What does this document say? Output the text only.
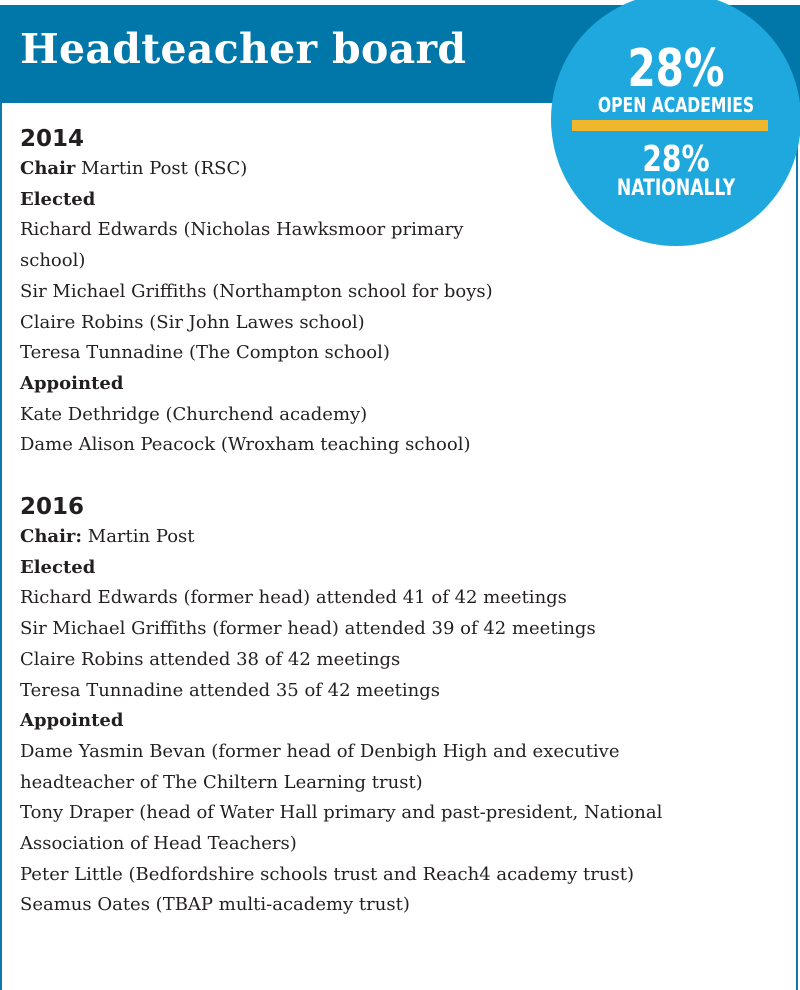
Headteacher board	28%
OPEN ACADEMIES
28%
NATIONALLY
2014
Chair Martin Post (RSC)
Elected
Richard Edwards (Nicholas Hawksmoor primary school)
Sir Michael Griffiths (Northampton school for boys)
Claire Robins (Sir John Lawes school)
Teresa Tunnadine (The Compton school)
Appointed
Kate Dethridge (Churchend academy)
Dame Alison Peacock (Wroxham teaching school)
2016
Chair: Martin Post
Elected
Richard Edwards (former head) attended 41 of 42 meetings
Sir Michael Griffiths (former head) attended 39 of 42 meetings
Claire Robins attended 38 of 42 meetings
Teresa Tunnadine attended 35 of 42 meetings
Appointed
Dame Yasmin Bevan (former head of Denbigh High and executive
headteacher of The Chiltern Learning trust)
Tony Draper (head of Water Hall primary and past-president, National
Association of Head Teachers)
Peter Little (Bedfordshire schools trust and Reach4 academy trust)
Seamus Oates (TBAP multi-academy trust)
